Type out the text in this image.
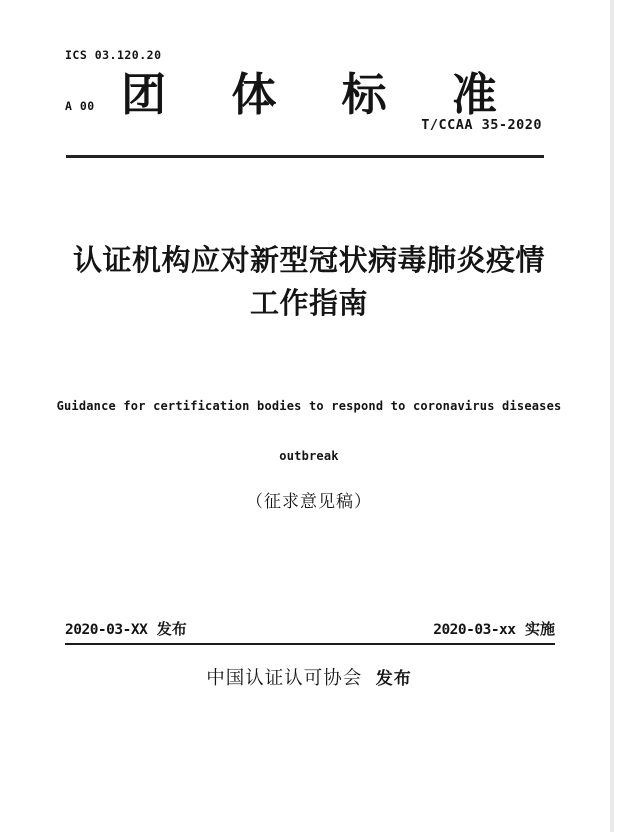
ICS 03.120.20

A 00

团体标准
T/CCAA 35-2020
认证机构应对新型冠状病毒肺炎疫情
工作指南
Guidance for certification bodies to respond to coronavirus diseases
outbreak
（征求意见稿）
2020-03-XX 发布	2020-03-xx 实施
中国认证认可协会 发布
